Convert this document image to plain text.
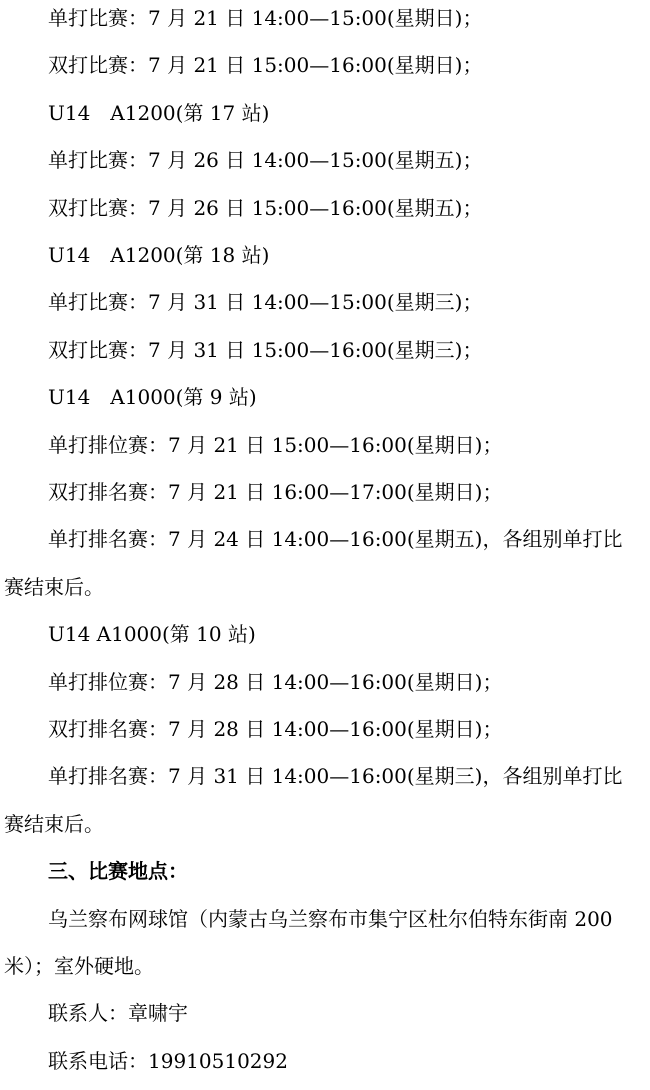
单打比赛：7 月 21 日 14:00—15:00(星期日)；
双打比赛：7 月 21 日 15:00—16:00(星期日)；
U14　A1200(第 17 站)
单打比赛：7 月 26 日 14:00—15:00(星期五)；
双打比赛：7 月 26 日 15:00—16:00(星期五)；
U14　A1200(第 18 站)
单打比赛：7 月 31 日 14:00—15:00(星期三)；
双打比赛：7 月 31 日 15:00—16:00(星期三)；
U14　A1000(第 9 站)
单打排位赛：7 月 21 日 15:00—16:00(星期日)；
双打排名赛：7 月 21 日 16:00—17:00(星期日)；
单打排名赛：7 月 24 日 14:00—16:00(星期五)，各组别单打比
赛结束后。
U14 A1000(第 10 站)
单打排位赛：7 月 28 日 14:00—16:00(星期日)；
双打排名赛：7 月 28 日 14:00—16:00(星期日)；
单打排名赛：7 月 31 日 14:00—16:00(星期三)，各组别单打比
赛结束后。
三、比赛地点：
乌兰察布网球馆（内蒙古乌兰察布市集宁区杜尔伯特东街南 200
米）；室外硬地。
联系人：章啸宇
联系电话：19910510292
